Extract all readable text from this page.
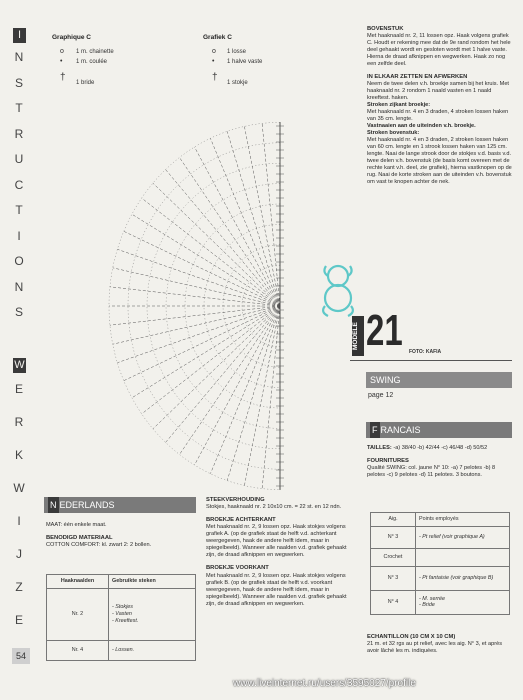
I
N
S
T
R
U
C
T
I
O
N
S
W
E
R
K
W
I
J
Z
E
54
Graphique C	Grafiek C
o 1 m. chainette
• 1 m. coulée
† 1 bride
o 1 losse
• 1 halve vaste
† 1 stokje
BOVENSTUK

Met haaknaald nr. 2, 11 lossen opz. Haak volgens grafiek C. Houdt er rekening mee dat de 9e rand rondom het hele deel gehaakt wordt en gesloten wordt met 1 halve vaste. Hierna de draad afknippen en wegwerken. Haak zo nog een zelfde deel.

IN ELKAAR ZETTEN EN AFWERKEN

Neem de twee delen v.h. broekje samen bij het kruis. Met haaknaald nr. 2 rondom 1 naald vasten en 1 naald kreeftest. haken.

Stroken zijkant broekje:

Met haaknaald nr. 4 en 3 draden, 4 stroken lossen haken van 35 cm. lengte.

Vastnaaien aan de uiteinden v.h. broekje.

Stroken bovenstuk:

Met haaknaald nr. 4 en 3 draden, 2 stroken lossen haken van 60 cm. lengte en 1 strook lossen haken van 125 cm. lengte. Naai de lange strook door de stokjes v.d. basis v.d. twee delen v.h. bovenstuk (de basis komt overeen met de rechte kant v.h. deel, zie grafiek), hierna vastknopen op de rug. Naai de korte stroken aan de uiteinden v.h. bovenstuk om vast te knopen achter de nek.

MODELE 21 FOTO: KAFIA
SWING
page 12
F RANCAIS

TAILLES: -a) 38/40 -b) 42/44 -c) 46/48 -d) 50/52

FOURNITURES

Qualité SWING: col. jaune N° 10: -a) 7 pelotes -b) 8 pelotes -c) 9 pelotes -d) 11 pelotes. 3 boutons.

Aig.	Points employés
N° 3	- Pt relief (voir graphique A)
Crochet	
N° 3	- Pt fantaisie (voir graphique B)
N° 4	- M. serrée
- Bride
ECHANTILLON (10 CM X 10 CM)

21 m. et 32 rgs au pt relief, avec les aig. N° 3, et après avoir lâché les m. indiquées.

N EDERLANDS

MAAT: één enkele maat.

BENODIGD MATERIAAL

COTTON COMFORT: kl. zwart 2: 2 bollen.

Haaknaalden	Gebruikte steken
Nr. 2	- Stokjes
- Vasten
- Kreeftest.
Nr. 4	- Lossen.
STEEKVERHOUDING

Stokjes, haaknaald nr. 2 10x10 cm. = 22 st. en 12 ndn.

BROEKJE ACHTERKANT

Met haaknaald nr. 2, 9 lossen opz. Haak stokjes volgens grafiek A. (op de grafiek staat de helft v.d. achterkant weergegeven, haak de andere helft idem, maar in spiegelbeeld). Wanneer alle naalden v.d. grafiek gehaakt zijn, de draad afknippen en wegwerken.

BROEKJE VOORKANT

Met haaknaald nr. 2, 9 lossen opz. Haak stokjes volgens grafiek B. (op de grafiek staat de helft v.d. voorkant weergegeven, haak de andere helft idem, maar in spiegelbeeld). Wanneer alle naalden v.d. grafiek gehaakt zijn, de draad afknippen en wegwerken.

www.liveinternet.ru/users/3595027/profile
